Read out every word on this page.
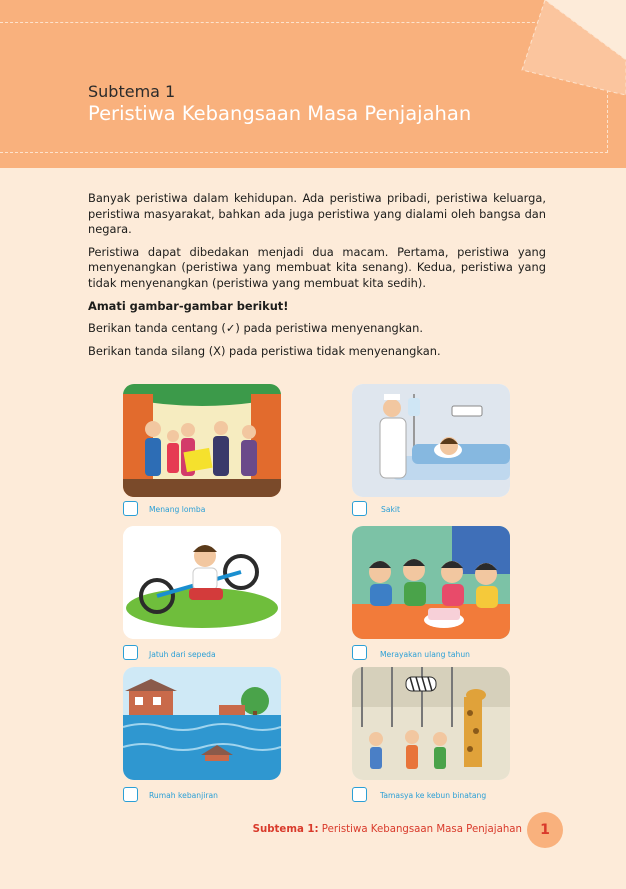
Subtema 1
Peristiwa Kebangsaan Masa Penjajahan

Banyak peristiwa dalam kehidupan. Ada peristiwa pribadi, peristiwa keluarga, peristiwa masyarakat, bahkan ada juga peristiwa yang dialami oleh bangsa dan negara.

Peristiwa dapat dibedakan menjadi dua macam. Pertama, peristiwa yang menyenangkan (peristiwa yang membuat kita senang). Kedua, peristiwa yang tidak menyenangkan (peristiwa yang membuat kita sedih).

Amati gambar-gambar berikut!

Berikan tanda centang (✓) pada peristiwa menyenangkan.

Berikan tanda silang (X) pada peristiwa tidak menyenangkan.

Menang lomba	Sakit
Jatuh dari sepeda	Merayakan ulang tahun
Rumah kebanjiran	Tamasya ke kebun binatang
Subtema 1: Peristiwa Kebangsaan Masa Penjajahan	1
